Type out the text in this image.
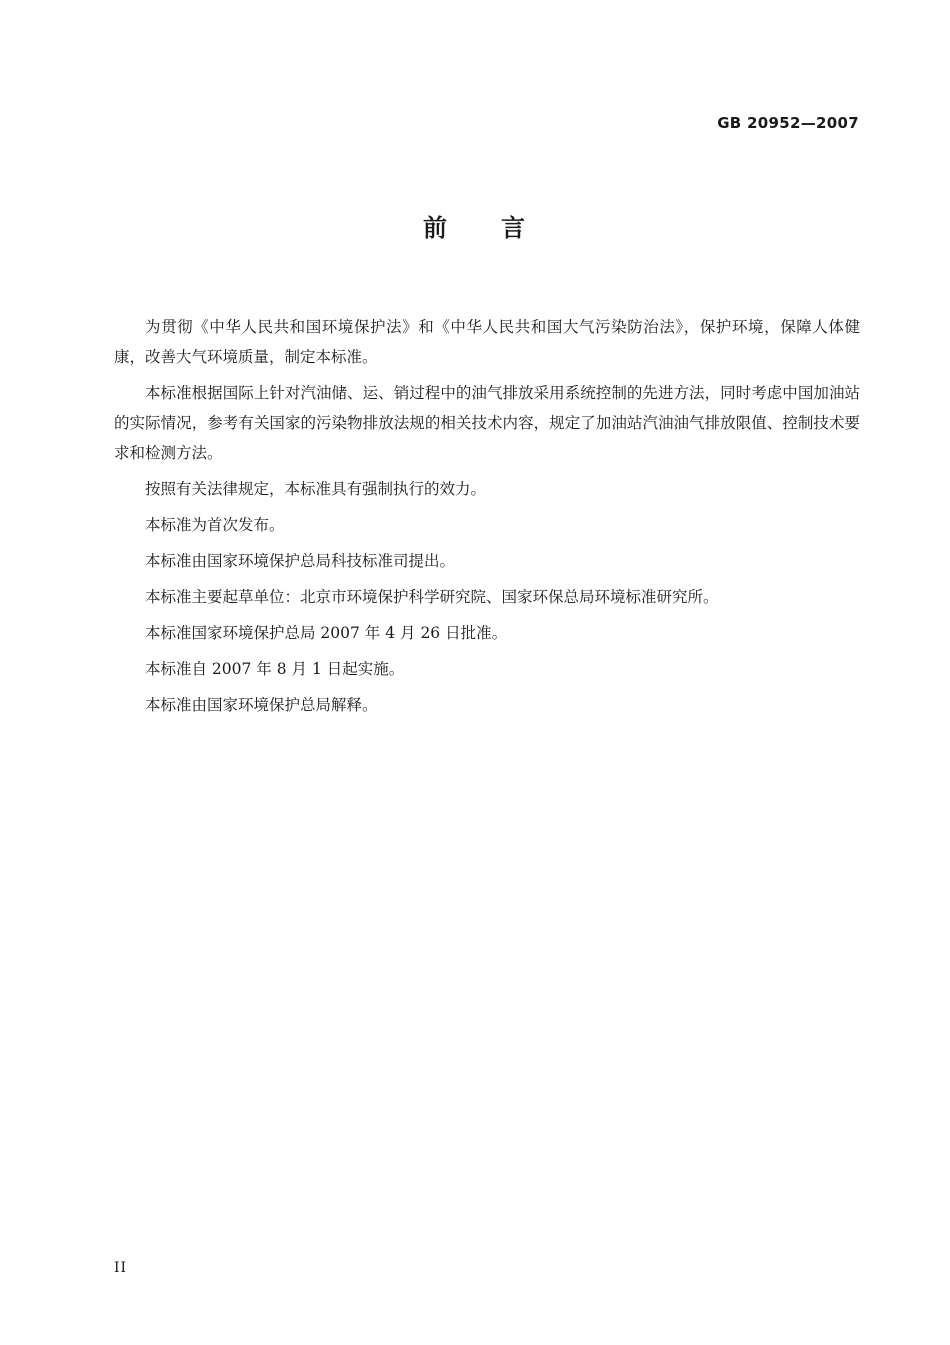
GB 20952—2007
前　　言

为贯彻《中华人民共和国环境保护法》和《中华人民共和国大气污染防治法》，保护环境，保障人体健康，改善大气环境质量，制定本标准。

本标准根据国际上针对汽油储、运、销过程中的油气排放采用系统控制的先进方法，同时考虑中国加油站的实际情况，参考有关国家的污染物排放法规的相关技术内容，规定了加油站汽油油气排放限值、控制技术要求和检测方法。

按照有关法律规定，本标准具有强制执行的效力。

本标准为首次发布。

本标准由国家环境保护总局科技标准司提出。

本标准主要起草单位：北京市环境保护科学研究院、国家环保总局环境标准研究所。

本标准国家环境保护总局 2007 年 4 月 26 日批准。

本标准自 2007 年 8 月 1 日起实施。

本标准由国家环境保护总局解释。

II
